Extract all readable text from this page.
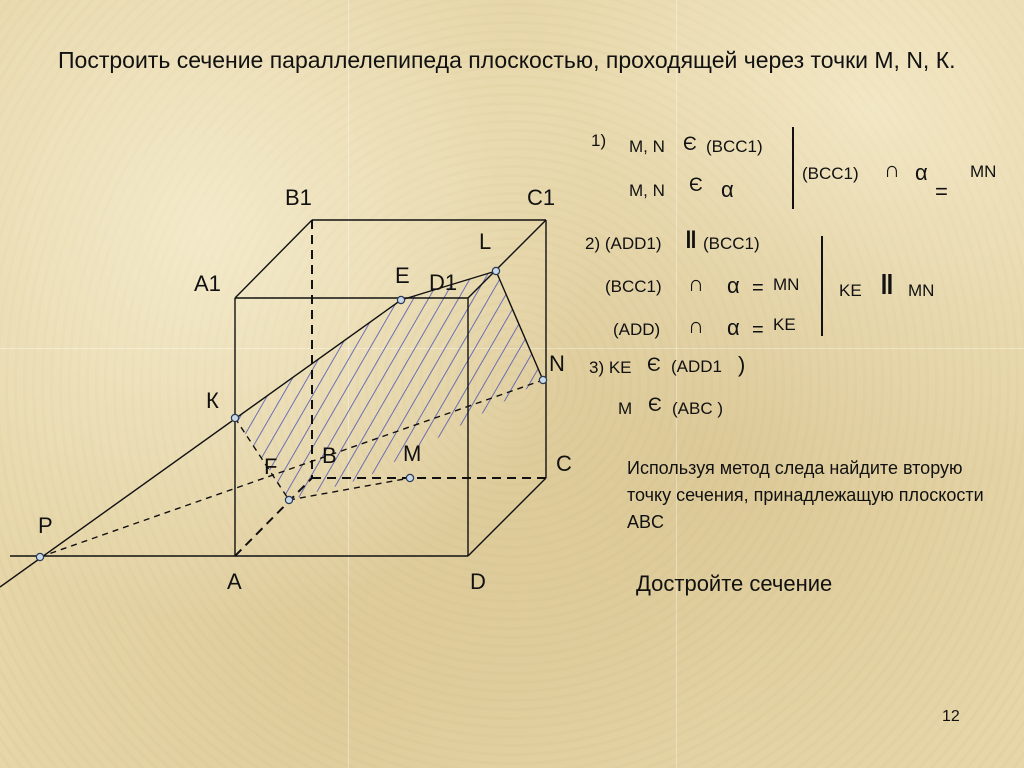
Построить сечение параллелепипеда плоскостью, проходящей через точки M, N, К.
B1	C1
L
A1	E D1
N
К
B	M	C
F
P
A	D
1) M, N Є (BCC1)
M, N Є α
(BCC1) ∩ α
=
MN
2) (ADD1) ‖ (BCC1)
(BCC1) ∩ α = MN
(ADD) ∩ α = KE
KE ‖ MN
3) KE Є (ADD1 )
M Є (ABC )
Используя метод следа найдите вторую точку сечения, принадлежащую плоскости ABC
Достройте сечение
12
